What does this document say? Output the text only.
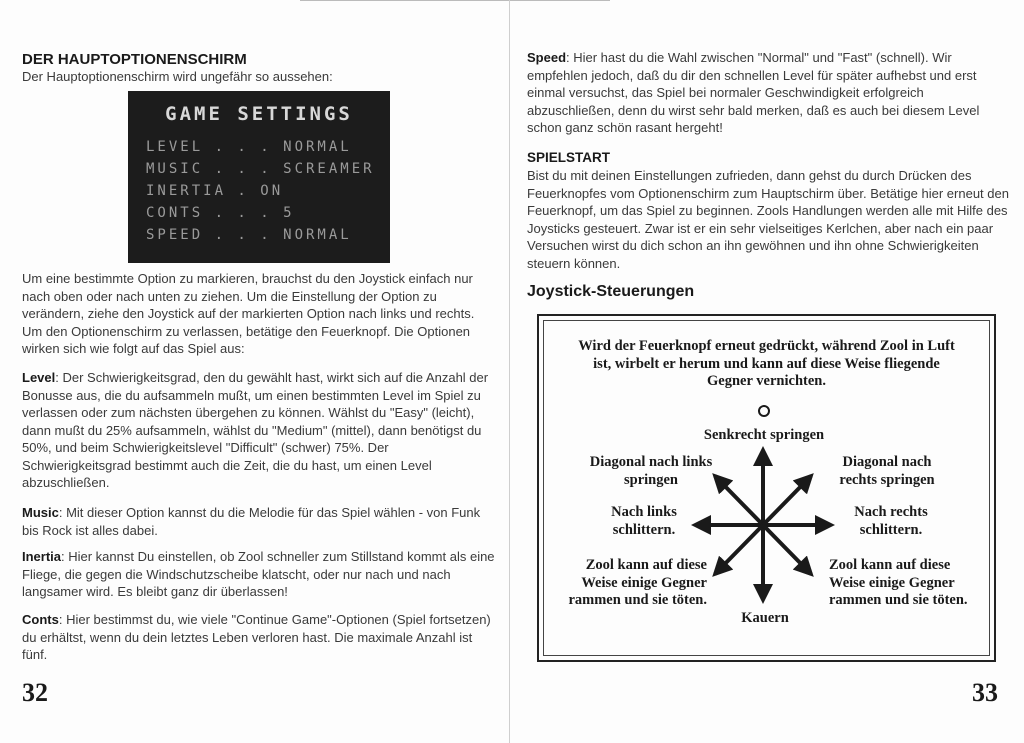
DER HAUPTOPTIONENSCHIRM
Der Hauptoptionenschirm wird ungefähr so aussehen:
GAME SETTINGS
LEVEL . . . NORMAL
MUSIC . . . SCREAMER
INERTIA . ON
CONTS . . . 5
SPEED . . . NORMAL
Um eine bestimmte Option zu markieren, brauchst du den Joystick einfach nur nach oben oder nach unten zu ziehen. Um die Einstellung der Option zu verändern, ziehe den Joystick auf der markierten Option nach links und rechts. Um den Optionenschirm zu verlassen, betätige den Feuerknopf. Die Optionen wirken sich wie folgt auf das Spiel aus:
Level: Der Schwierigkeitsgrad, den du gewählt hast, wirkt sich auf die Anzahl der Bonusse aus, die du aufsammeln mußt, um einen bestimmten Level im Spiel zu verlassen oder zum nächsten übergehen zu können. Wählst du "Easy" (leicht), dann mußt du 25% aufsammeln, wählst du "Medium" (mittel), dann benötigst du 50%, und beim Schwierigkeitslevel "Difficult" (schwer) 75%. Der Schwierigkeitsgrad bestimmt auch die Zeit, die du hast, um einen Level abzuschließen.
Music: Mit dieser Option kannst du die Melodie für das Spiel wählen - von Funk bis Rock ist alles dabei.
Inertia: Hier kannst Du einstellen, ob Zool schneller zum Stillstand kommt als eine Fliege, die gegen die Windschutzscheibe klatscht, oder nur nach und nach langsamer wird. Es bleibt ganz dir überlassen!
Conts: Hier bestimmst du, wie viele "Continue Game"-Optionen (Spiel fortsetzen) du erhältst, wenn du dein letztes Leben verloren hast. Die maximale Anzahl ist fünf.
32
Speed: Hier hast du die Wahl zwischen "Normal" und "Fast" (schnell). Wir empfehlen jedoch, daß du dir den schnellen Level für später aufhebst und erst einmal versuchst, das Spiel bei normaler Geschwindigkeit erfolgreich abzuschließen, denn du wirst sehr bald merken, daß es auch bei diesem Level schon ganz schön rasant hergeht!
SPIELSTART
Bist du mit deinen Einstellungen zufrieden, dann gehst du durch Drücken des Feuerknopfes vom Optionenschirm zum Hauptschirm über. Betätige hier erneut den Feuerknopf, um das Spiel zu beginnen. Zools Handlungen werden alle mit Hilfe des Joysticks gesteuert. Zwar ist er ein sehr vielseitiges Kerlchen, aber nach ein paar Versuchen wirst du dich schon an ihn gewöhnen und ihn ohne Schwierigkeiten steuern können.
Joystick-Steuerungen
Wird der Feuerknopf erneut gedrückt, während Zool in Luft ist, wirbelt er herum und kann auf diese Weise fliegende Gegner vernichten.
Senkrecht springen
Diagonal nach links springen
Diagonal nach rechts springen
Nach links schlittern.
Nach rechts schlittern.
Zool kann auf diese Weise einige Gegner rammen und sie töten.
Zool kann auf diese Weise einige Gegner rammen und sie töten.
Kauern
33
